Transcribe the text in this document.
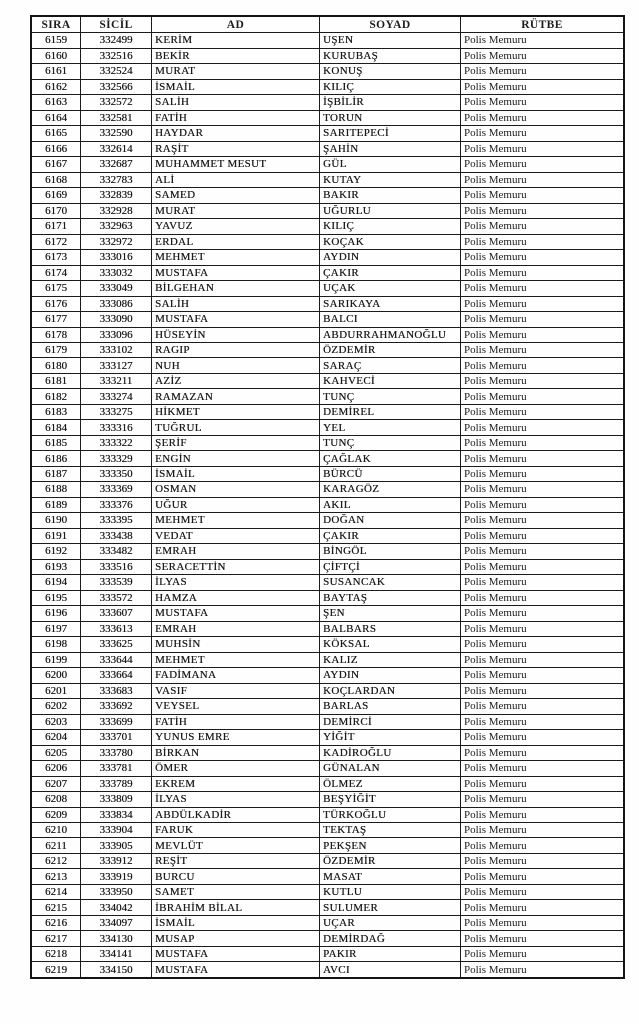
SIRA	SİCİL	AD	SOYAD	RÜTBE
6159	332499	KERİM	UŞEN	Polis Memuru
6160	332516	BEKİR	KURUBAŞ	Polis Memuru
6161	332524	MURAT	KONUŞ	Polis Memuru
6162	332566	İSMAİL	KILIÇ	Polis Memuru
6163	332572	SALİH	İŞBİLİR	Polis Memuru
6164	332581	FATİH	TORUN	Polis Memuru
6165	332590	HAYDAR	SARITEPECİ	Polis Memuru
6166	332614	RAŞİT	ŞAHİN	Polis Memuru
6167	332687	MUHAMMET MESUT	GÜL	Polis Memuru
6168	332783	ALİ	KUTAY	Polis Memuru
6169	332839	SAMED	BAKIR	Polis Memuru
6170	332928	MURAT	UĞURLU	Polis Memuru
6171	332963	YAVUZ	KILIÇ	Polis Memuru
6172	332972	ERDAL	KOÇAK	Polis Memuru
6173	333016	MEHMET	AYDIN	Polis Memuru
6174	333032	MUSTAFA	ÇAKIR	Polis Memuru
6175	333049	BİLGEHAN	UÇAK	Polis Memuru
6176	333086	SALİH	SARIKAYA	Polis Memuru
6177	333090	MUSTAFA	BALCI	Polis Memuru
6178	333096	HÜSEYİN	ABDURRAHMANOĞLU	Polis Memuru
6179	333102	RAGIP	ÖZDEMİR	Polis Memuru
6180	333127	NUH	SARAÇ	Polis Memuru
6181	333211	AZİZ	KAHVECİ	Polis Memuru
6182	333274	RAMAZAN	TUNÇ	Polis Memuru
6183	333275	HİKMET	DEMİREL	Polis Memuru
6184	333316	TUĞRUL	YEL	Polis Memuru
6185	333322	ŞERİF	TUNÇ	Polis Memuru
6186	333329	ENGİN	ÇAĞLAK	Polis Memuru
6187	333350	İSMAİL	BÜRCÜ	Polis Memuru
6188	333369	OSMAN	KARAGÖZ	Polis Memuru
6189	333376	UĞUR	AKIL	Polis Memuru
6190	333395	MEHMET	DOĞAN	Polis Memuru
6191	333438	VEDAT	ÇAKIR	Polis Memuru
6192	333482	EMRAH	BİNGÖL	Polis Memuru
6193	333516	SERACETTİN	ÇİFTÇİ	Polis Memuru
6194	333539	İLYAS	SUSANCAK	Polis Memuru
6195	333572	HAMZA	BAYTAŞ	Polis Memuru
6196	333607	MUSTAFA	ŞEN	Polis Memuru
6197	333613	EMRAH	BALBARS	Polis Memuru
6198	333625	MUHSİN	KÖKSAL	Polis Memuru
6199	333644	MEHMET	KALIZ	Polis Memuru
6200	333664	FADİMANA	AYDIN	Polis Memuru
6201	333683	VASIF	KOÇLARDAN	Polis Memuru
6202	333692	VEYSEL	BARLAS	Polis Memuru
6203	333699	FATİH	DEMİRCİ	Polis Memuru
6204	333701	YUNUS EMRE	YİĞİT	Polis Memuru
6205	333780	BİRKAN	KADİROĞLU	Polis Memuru
6206	333781	ÖMER	GÜNALAN	Polis Memuru
6207	333789	EKREM	ÖLMEZ	Polis Memuru
6208	333809	İLYAS	BEŞYİĞİT	Polis Memuru
6209	333834	ABDÜLKADİR	TÜRKOĞLU	Polis Memuru
6210	333904	FARUK	TEKTAŞ	Polis Memuru
6211	333905	MEVLÜT	PEKŞEN	Polis Memuru
6212	333912	REŞİT	ÖZDEMİR	Polis Memuru
6213	333919	BURCU	MASAT	Polis Memuru
6214	333950	SAMET	KUTLU	Polis Memuru
6215	334042	İBRAHİM BİLAL	SULUMER	Polis Memuru
6216	334097	İSMAİL	UÇAR	Polis Memuru
6217	334130	MUSAP	DEMİRDAĞ	Polis Memuru
6218	334141	MUSTAFA	PAKIR	Polis Memuru
6219	334150	MUSTAFA	AVCI	Polis Memuru
